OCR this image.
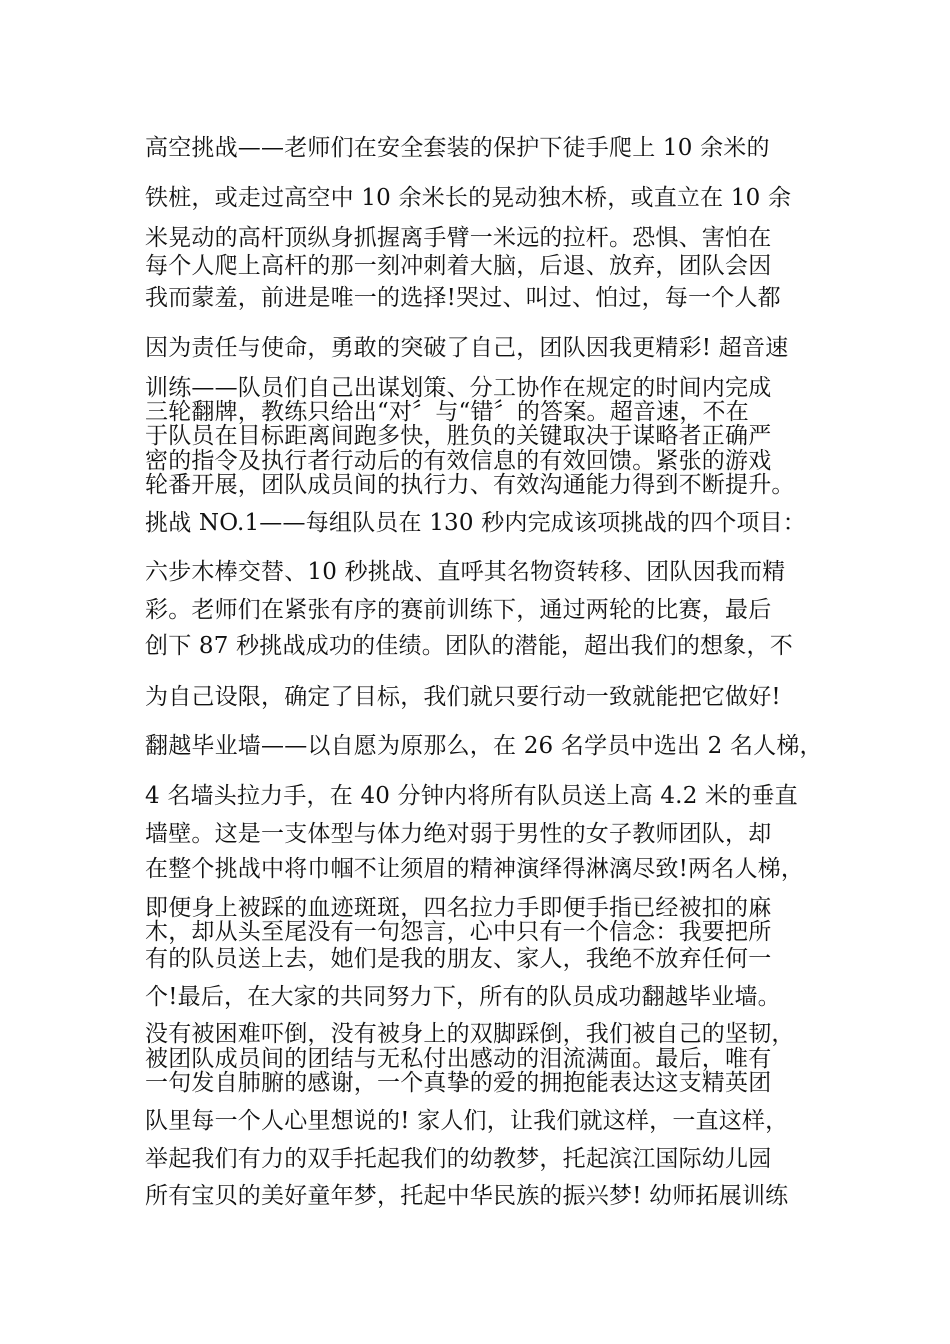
高空挑战——老师们在安全套装的保护下徒手爬上 10 余米的
铁桩，或走过高空中 10 余米长的晃动独木桥，或直立在 10 余
米晃动的高杆顶纵身抓握离手臂一米远的拉杆。恐惧、害怕在
每个人爬上高杆的那一刻冲刺着大脑，后退、放弃，团队会因
我而蒙羞，前进是唯一的选择!哭过、叫过、怕过，每一个人都
因为责任与使命，勇敢的突破了自己，团队因我更精彩! 超音速
训练——队员们自己出谋划策、分工协作在规定的时间内完成
三轮翻牌，教练只给出“对〞与“错〞的答案。超音速，不在
于队员在目标距离间跑多快，胜负的关键取决于谋略者正确严
密的指令及执行者行动后的有效信息的有效回馈。紧张的游戏
轮番开展，团队成员间的执行力、有效沟通能力得到不断提升。
挑战 NO.1——每组队员在 130 秒内完成该项挑战的四个项目：
六步木棒交替、10 秒挑战、直呼其名物资转移、团队因我而精
彩。老师们在紧张有序的赛前训练下，通过两轮的比赛，最后
创下 87 秒挑战成功的佳绩。团队的潜能，超出我们的想象，不
为自己设限，确定了目标，我们就只要行动一致就能把它做好!
翻越毕业墙——以自愿为原那么，在 26 名学员中选出 2 名人梯，
4 名墙头拉力手，在 40 分钟内将所有队员送上高 4.2 米的垂直
墙壁。这是一支体型与体力绝对弱于男性的女子教师团队，却
在整个挑战中将巾帼不让须眉的精神演绎得淋漓尽致!两名人梯，
即便身上被踩的血迹斑斑，四名拉力手即便手指已经被扣的麻
木，却从头至尾没有一句怨言，心中只有一个信念：我要把所
有的队员送上去，她们是我的朋友、家人，我绝不放弃任何一
个!最后，在大家的共同努力下，所有的队员成功翻越毕业墙。
没有被困难吓倒，没有被身上的双脚踩倒，我们被自己的坚韧，
被团队成员间的团结与无私付出感动的泪流满面。最后，唯有
一句发自肺腑的感谢，一个真挚的爱的拥抱能表达这支精英团
队里每一个人心里想说的! 家人们，让我们就这样，一直这样，
举起我们有力的双手托起我们的幼教梦，托起滨江国际幼儿园
所有宝贝的美好童年梦，托起中华民族的振兴梦! 幼师拓展训练
